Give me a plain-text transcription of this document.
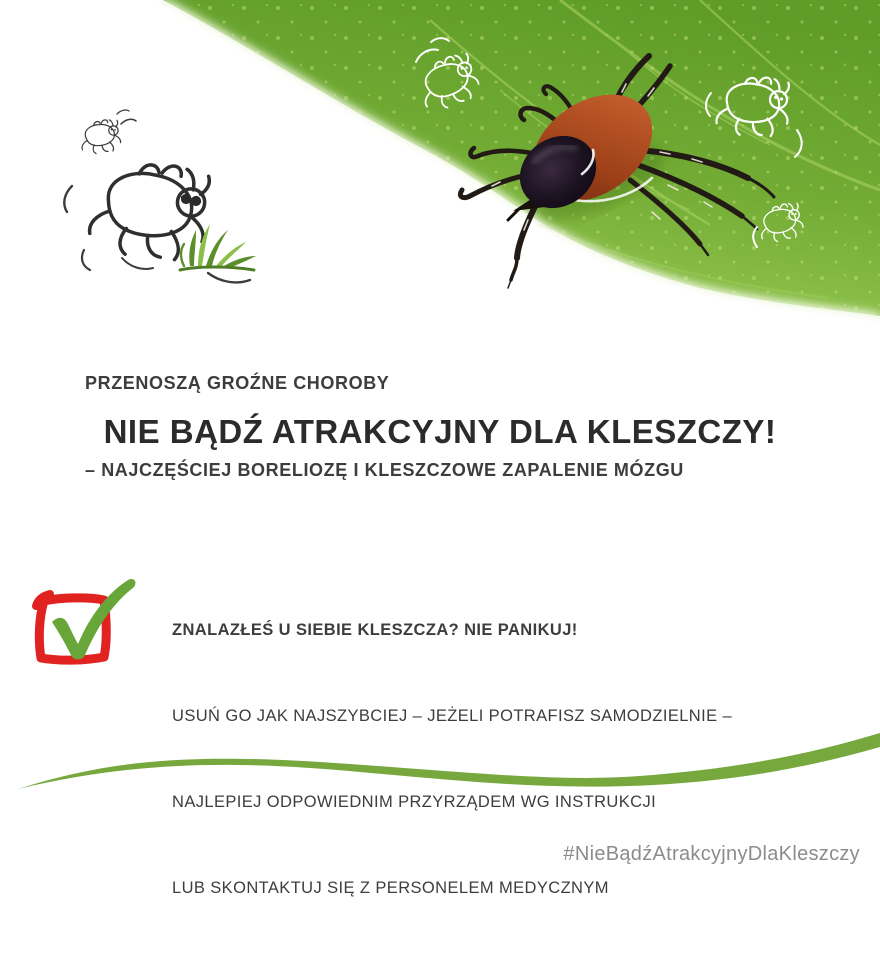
PRZENOSZĄ GROŹNE CHOROBY

– NAJCZĘŚCIEJ BORELIOZĘ I KLESZCZOWE ZAPALENIE MÓZGU

NIE BĄDŹ ATRAKCYJNY DLA KLESZCZY!

ZNALAZŁEŚ U SIEBIE KLESZCZA? NIE PANIKUJ!

USUŃ GO JAK NAJSZYBCIEJ – JEŻELI POTRAFISZ SAMODZIELNIE –

NAJLEPIEJ ODPOWIEDNIM PRZYRZĄDEM WG INSTRUKCJI

LUB SKONTAKTUJ SIĘ Z PERSONELEM MEDYCZNYM

#NieBądźAtrakcyjnyDlaKleszczy
